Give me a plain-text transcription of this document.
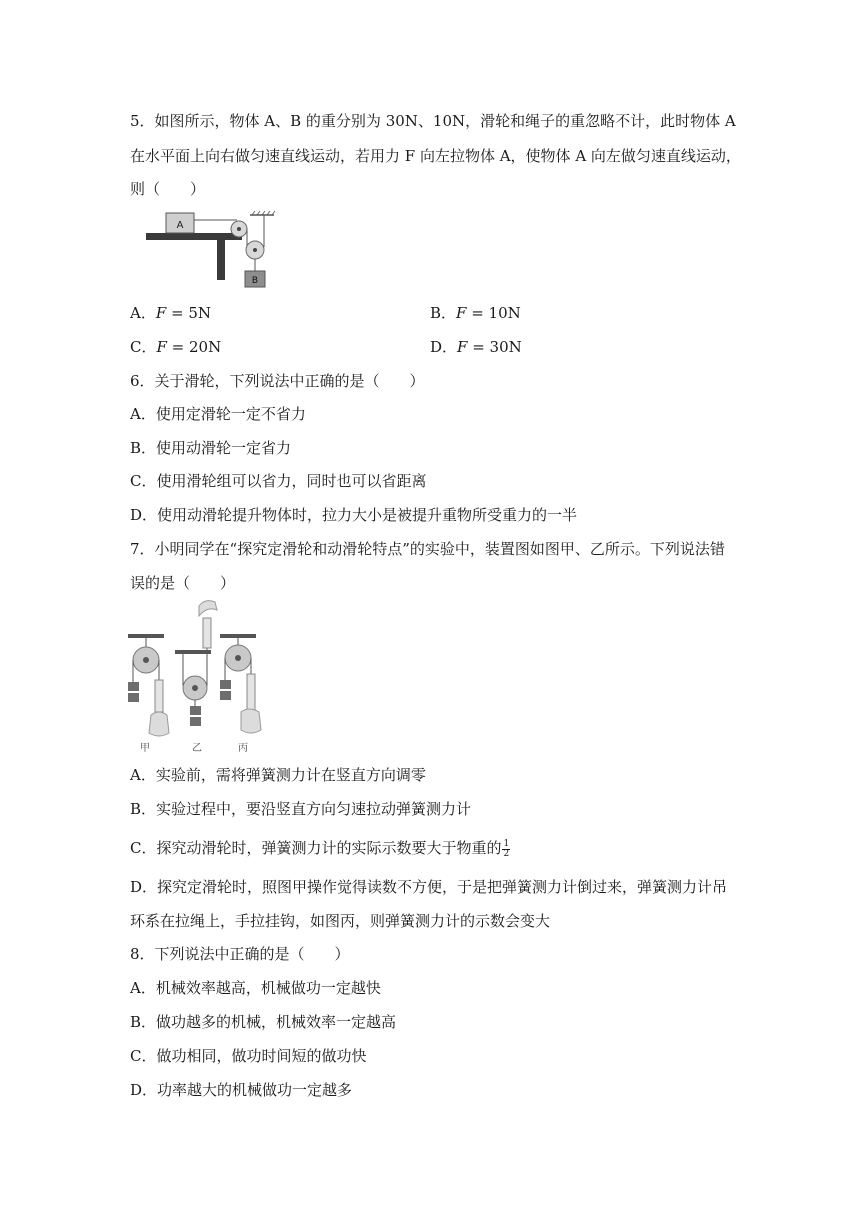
5．如图所示，物体 A、B 的重分别为 30N、10N，滑轮和绳子的重忽略不计，此时物体 A
在水平面上向右做匀速直线运动，若用力 F 向左拉物体 A，使物体 A 向左做匀速直线运动，
则（　　）
A
B
A．F = 5N	B．F = 10N
C．F = 20N	D．F = 30N
6．关于滑轮，下列说法中正确的是（　　）
A．使用定滑轮一定不省力
B．使用动滑轮一定省力
C．使用滑轮组可以省力，同时也可以省距离
D．使用动滑轮提升物体时，拉力大小是被提升重物所受重力的一半
7．小明同学在“探究定滑轮和动滑轮特点”的实验中，装置图如图甲、乙所示。下列说法错
误的是（　　）
甲	乙	丙
A．实验前，需将弹簧测力计在竖直方向调零
B．实验过程中，要沿竖直方向匀速拉动弹簧测力计
C．探究动滑轮时，弹簧测力计的实际示数要大于物重的 $\frac{1}{2}$
D．探究定滑轮时，照图甲操作觉得读数不方便，于是把弹簧测力计倒过来，弹簧测力计吊
环系在拉绳上，手拉挂钩，如图丙，则弹簧测力计的示数会变大
8．下列说法中正确的是（　　）
A．机械效率越高，机械做功一定越快
B．做功越多的机械，机械效率一定越高
C．做功相同，做功时间短的做功快
D．功率越大的机械做功一定越多
